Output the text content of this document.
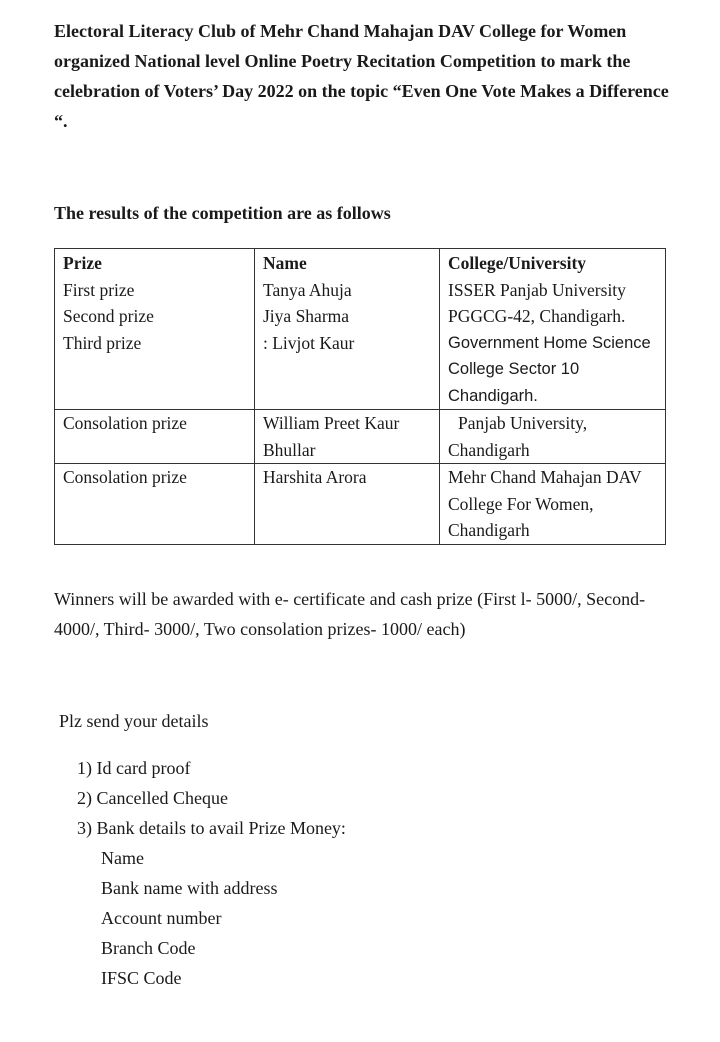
Electoral Literacy Club of Mehr Chand Mahajan DAV College for Women organized National level Online Poetry Recitation Competition to mark the celebration of Voters’ Day 2022 on the topic “Even One Vote Makes a Difference “.

The results of the competition are as follows

Prize	Name	College/University
First prize	Tanya Ahuja	ISSER Panjab University
Second prize	Jiya Sharma	PGGCG-42, Chandigarh.
Third prize	: Livjot Kaur	Government Home Science College Sector 10 Chandigarh.
Consolation prize	William Preet Kaur Bhullar	Panjab University, Chandigarh
Consolation prize	Harshita Arora	Mehr Chand Mahajan DAV College For Women, Chandigarh

Winners will be awarded with e- certificate and cash prize (First l- 5000/, Second- 4000/, Third- 3000/, Two consolation prizes- 1000/ each)

Plz send your details

1) Id card proof

2) Cancelled Cheque

3) Bank details to avail Prize Money:

Name

Bank name with address

Account number

Branch Code

IFSC Code
